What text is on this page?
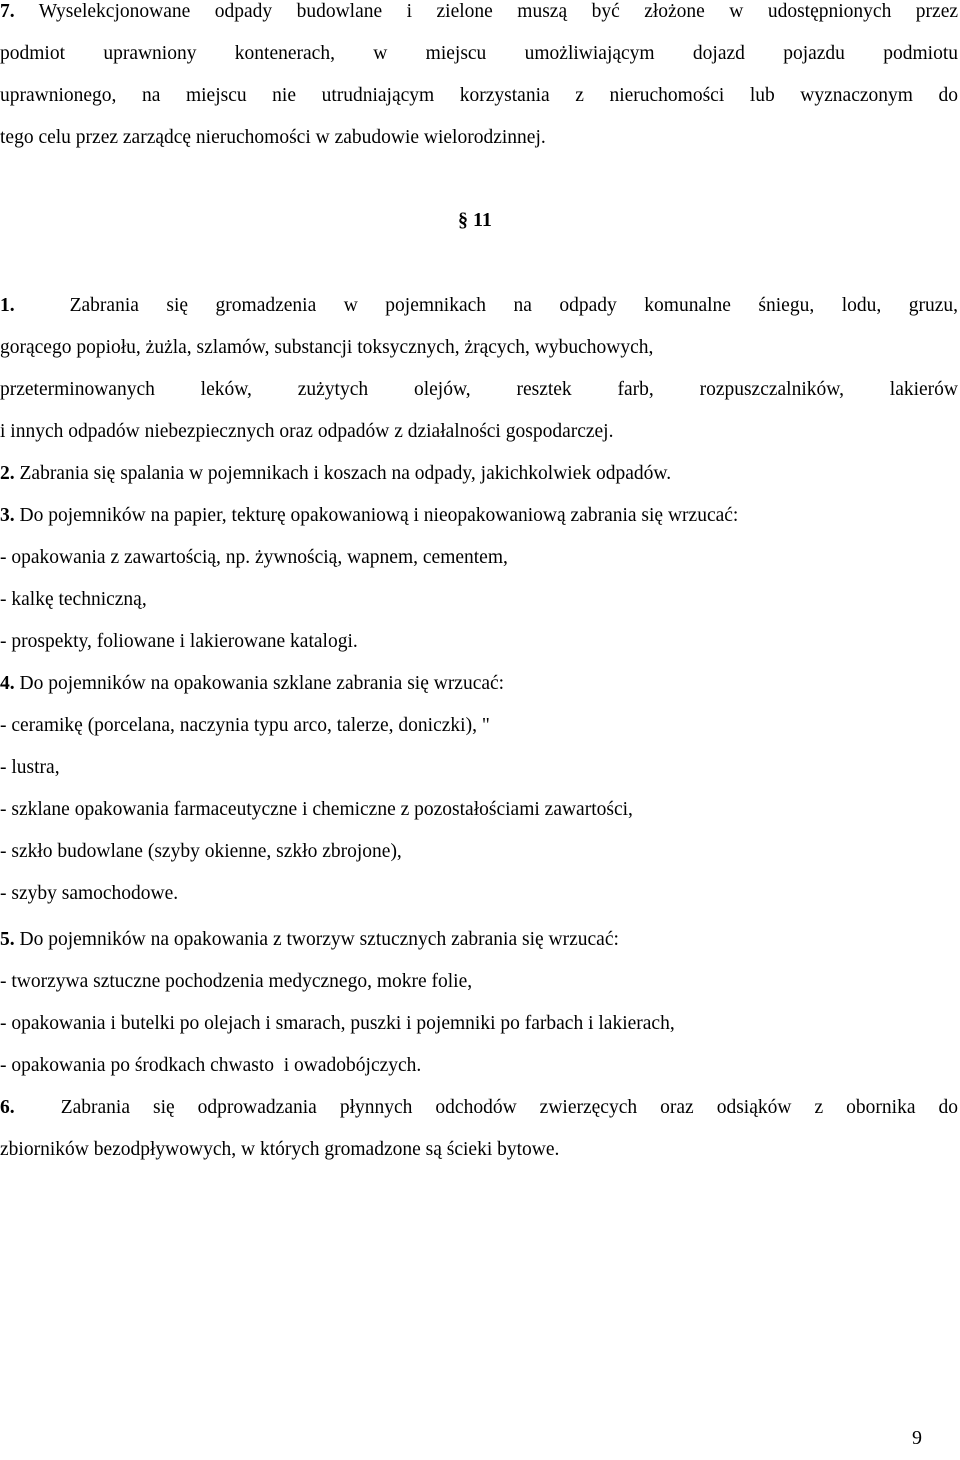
7. Wyselekcjonowane odpady budowlane i zielone muszą być złożone w udostępnionych przez
podmiot uprawniony kontenerach, w miejscu umożliwiającym dojazd pojazdu podmiotu
uprawnionego, na miejscu nie utrudniającym korzystania z nieruchomości lub wyznaczonym do
tego celu przez zarządcę nieruchomości w zabudowie wielorodzinnej.
§ 11
1.	Zabrania się gromadzenia w pojemnikach na odpady komunalne śniegu, lodu, gruzu,
gorącego popiołu, żużla, szlamów, substancji toksycznych, żrących, wybuchowych,
przeterminowanych leków, zużytych olejów, resztek farb, rozpuszczalników, lakierów
i innych odpadów niebezpiecznych oraz odpadów z działalności gospodarczej.
2. Zabrania się spalania w pojemnikach i koszach na odpady, jakichkolwiek odpadów.
3. Do pojemników na papier, tekturę opakowaniową i nieopakowaniową zabrania się wrzucać:
- opakowania z zawartością, np. żywnością, wapnem, cementem,
- kalkę techniczną,
- prospekty, foliowane i lakierowane katalogi.
4. Do pojemników na opakowania szklane zabrania się wrzucać:
- ceramikę (porcelana, naczynia typu arco, talerze, doniczki), "
- lustra,
- szklane opakowania farmaceutyczne i chemiczne z pozostałościami zawartości,
- szkło budowlane (szyby okienne, szkło zbrojone),
- szyby samochodowe.
5. Do pojemników na opakowania z tworzyw sztucznych zabrania się wrzucać:
- tworzywa sztuczne pochodzenia medycznego, mokre folie,
- opakowania i butelki po olejach i smarach, puszki i pojemniki po farbach i lakierach,
- opakowania po środkach chwasto  i owadobójczych.
6. Zabrania się odprowadzania płynnych odchodów zwierzęcych oraz odsiąków z obornika do
zbiorników bezodpływowych, w których gromadzone są ścieki bytowe.
9
